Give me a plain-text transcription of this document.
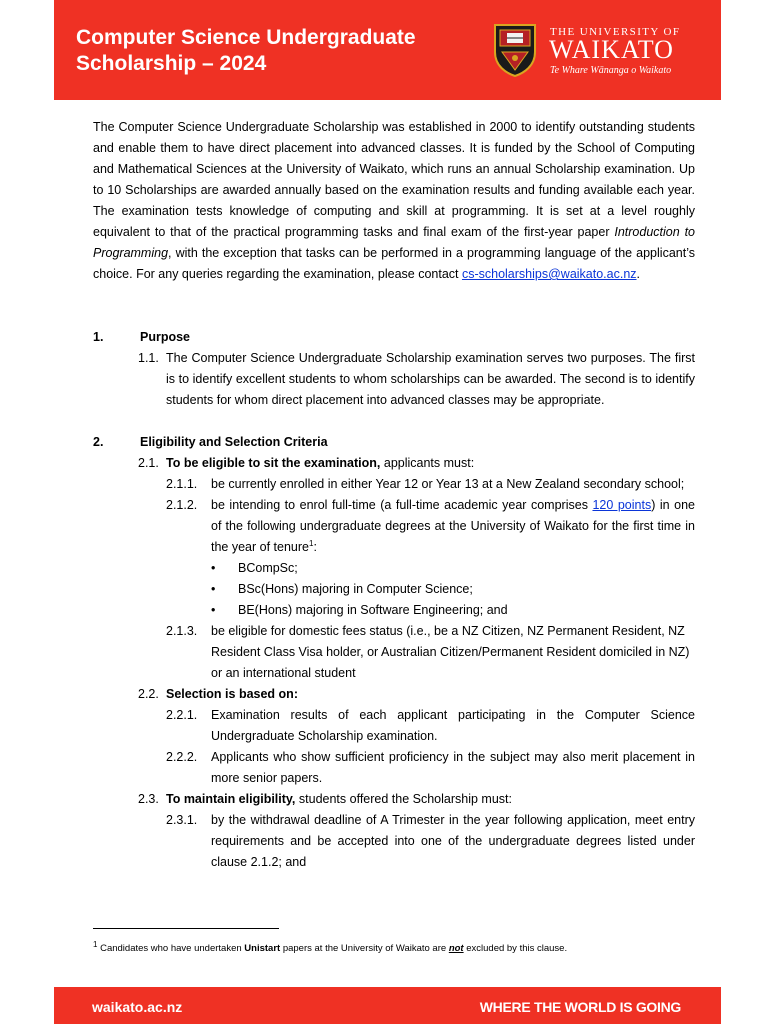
Computer Science Undergraduate
Scholarship – 2024
THE UNIVERSITY OF
WAIKATO
Te Whare Wānanga o Waikato

The Computer Science Undergraduate Scholarship was established in 2000 to identify outstanding students and enable them to have direct placement into advanced classes. It is funded by the School of Computing and Mathematical Sciences at the University of Waikato, which runs an annual Scholarship examination. Up to 10 Scholarships are awarded annually based on the examination results and funding available each year. The examination tests knowledge of computing and skill at programming. It is set at a level roughly equivalent to that of the practical programming tasks and final exam of the first-year paper Introduction to Programming, with the exception that tasks can be performed in a programming language of the applicant’s choice. For any queries regarding the examination, please contact cs-scholarships@waikato.ac.nz.

1.	Purpose
1.1. The Computer Science Undergraduate Scholarship examination serves two purposes. The first is to identify excellent students to whom scholarships can be awarded. The second is to identify students for whom direct placement into advanced classes may be appropriate.
2.	Eligibility and Selection Criteria
2.1. To be eligible to sit the examination, applicants must:
2.1.1. be currently enrolled in either Year 12 or Year 13 at a New Zealand secondary school;
2.1.2. be intending to enrol full-time (a full-time academic year comprises 120 points) in one of the following undergraduate degrees at the University of Waikato for the first time in the year of tenure$^1$:
• BCompSc;
• BSc(Hons) majoring in Computer Science;
• BE(Hons) majoring in Software Engineering; and
2.1.3. be eligible for domestic fees status (i.e., be a NZ Citizen, NZ Permanent Resident, NZ Resident Class Visa holder, or Australian Citizen/Permanent Resident domiciled in NZ) or an international student
2.2. Selection is based on:
2.2.1. Examination results of each applicant participating in the Computer Science Undergraduate Scholarship examination.
2.2.2. Applicants who show sufficient proficiency in the subject may also merit placement in more senior papers.
2.3. To maintain eligibility, students offered the Scholarship must:
2.3.1. by the withdrawal deadline of A Trimester in the year following application, meet entry requirements and be accepted into one of the undergraduate degrees listed under clause 2.1.2; and
$^1$ Candidates who have undertaken Unistart papers at the University of Waikato are not excluded by this clause.
waikato.ac.nz	WHERE THE WORLD IS GOING
